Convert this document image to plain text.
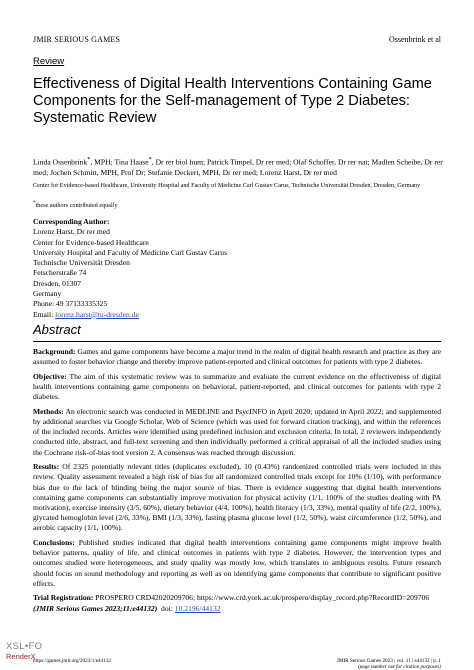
JMIR SERIOUS GAMES	Ossenbrink et al
Review
Effectiveness of Digital Health Interventions Containing Game Components for the Self-management of Type 2 Diabetes: Systematic Review
Linda Ossenbrink*, MPH; Tina Haase*, Dr rer biol hum; Patrick Timpel, Dr rer med; Olaf Schoffer, Dr rer nat; Madlen Scheibe, Dr rer med; Jochen Schmitt, MPH, Prof Dr; Stefanie Deckert, MPH, Dr rer med; Lorenz Harst, Dr rer med
Center for Evidence-based Healthcare, University Hospital and Faculty of Medicine Carl Gustav Carus, Technische Universität Dresden, Dresden, Germany
*these authors contributed equally
Corresponding Author:
Lorenz Harst, Dr rer med
Center for Evidence-based Healthcare
University Hospital and Faculty of Medicine Carl Gustav Carus
Technische Universität Dresden
Fetscherstraße 74
Dresden, 01307
Germany
Phone: 49 37133335325
Email: lorenz.harst@tu-dresden.de
Abstract

Background: Games and game components have become a major trend in the realm of digital health research and practice as they are assumed to foster behavior change and thereby improve patient-reported and clinical outcomes for patients with type 2 diabetes.

Objective: The aim of this systematic review was to summarize and evaluate the current evidence on the effectiveness of digital health interventions containing game components on behavioral, patient-reported, and clinical outcomes for patients with type 2 diabetes.

Methods: An electronic search was conducted in MEDLINE and PsycINFO in April 2020; updated in April 2022; and supplemented by additional searches via Google Scholar, Web of Science (which was used for forward citation tracking), and within the references of the included records. Articles were identified using predefined inclusion and exclusion criteria. In total, 2 reviewers independently conducted title, abstract, and full-text screening and then individually performed a critical appraisal of all the included studies using the Cochrane risk-of-bias tool version 2. A consensus was reached through discussion.

Results: Of 2325 potentially relevant titles (duplicates excluded), 10 (0.43%) randomized controlled trials were included in this review. Quality assessment revealed a high risk of bias for all randomized controlled trials except for 10% (1/10), with performance bias due to the lack of blinding being the major source of bias. There is evidence suggesting that digital health interventions containing game components can substantially improve motivation for physical activity (1/1, 100% of the studies dealing with PA motivation), exercise intensity (3/5, 60%), dietary behavior (4/4, 100%), health literacy (1/3, 33%), mental quality of life (2/2, 100%), glycated hemoglobin level (2/6, 33%), BMI (1/3, 33%), fasting plasma glucose level (1/2, 50%), waist circumference (1/2, 50%), and aerobic capacity (1/1, 100%).

Conclusions: Published studies indicated that digital health interventions containing game components might improve health behavior patterns, quality of life, and clinical outcomes in patients with type 2 diabetes. However, the intervention types and outcomes studied were heterogeneous, and study quality was mostly low, which translates to ambiguous results. Future research should focus on sound methodology and reporting as well as on identifying game components that contribute to significant positive effects.

Trial Registration: PROSPERO CRD42020209706; https://www.crd.york.ac.uk/prospero/display_record.php?RecordID=209706

(JMIR Serious Games 2023;11:e44132) doi: 10.2196/44132
https://games.jmir.org/2023/1/e44132	JMIR Serious Games 2023 | vol. 11 | e44132 | p. 1
(page number not for citation purposes)
XSL•FO
RenderX
